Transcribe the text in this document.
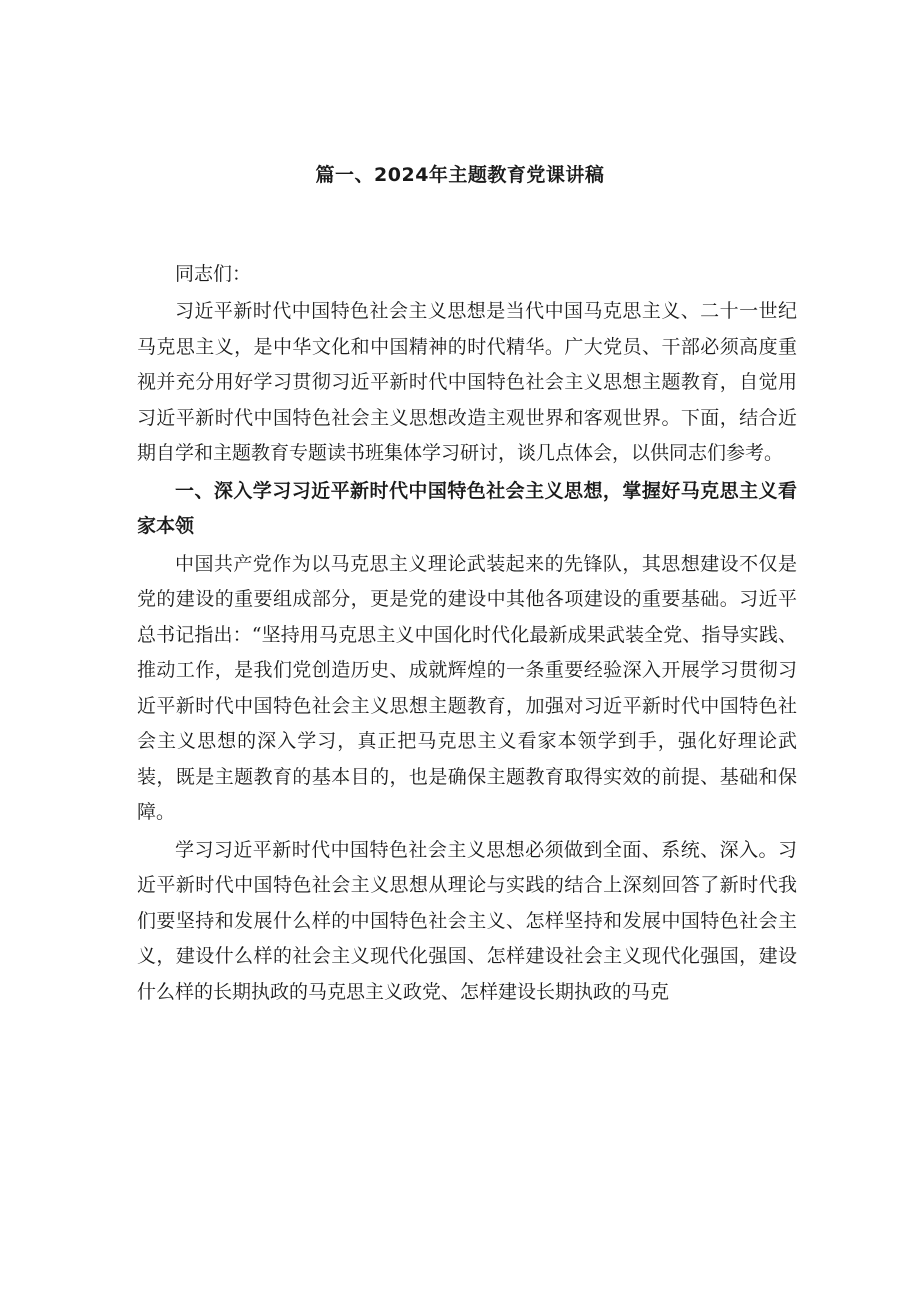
篇一、2024年主题教育党课讲稿

同志们：

习近平新时代中国特色社会主义思想是当代中国马克思主义、二十一世纪马克思主义，是中华文化和中国精神的时代精华。广大党员、干部必须高度重视并充分用好学习贯彻习近平新时代中国特色社会主义思想主题教育，自觉用习近平新时代中国特色社会主义思想改造主观世界和客观世界。下面，结合近期自学和主题教育专题读书班集体学习研讨，谈几点体会，以供同志们参考。

一、深入学习习近平新时代中国特色社会主义思想，掌握好马克思主义看家本领

中国共产党作为以马克思主义理论武装起来的先锋队，其思想建设不仅是党的建设的重要组成部分，更是党的建设中其他各项建设的重要基础。习近平总书记指出：“坚持用马克思主义中国化时代化最新成果武装全党、指导实践、推动工作，是我们党创造历史、成就辉煌的一条重要经验深入开展学习贯彻习近平新时代中国特色社会主义思想主题教育，加强对习近平新时代中国特色社会主义思想的深入学习，真正把马克思主义看家本领学到手，强化好理论武装，既是主题教育的基本目的，也是确保主题教育取得实效的前提、基础和保障。

学习习近平新时代中国特色社会主义思想必须做到全面、系统、深入。习近平新时代中国特色社会主义思想从理论与实践的结合上深刻回答了新时代我们要坚持和发展什么样的中国特色社会主义、怎样坚持和发展中国特色社会主义，建设什么样的社会主义现代化强国、怎样建设社会主义现代化强国，建设什么样的长期执政的马克思主义政党、怎样建设长期执政的马克
